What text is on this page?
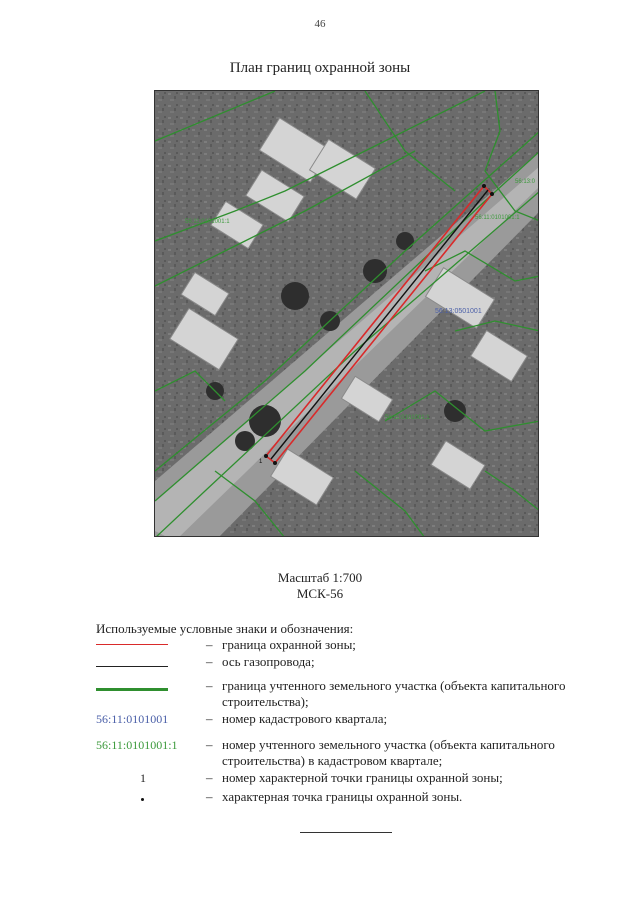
46
План границ охранной зоны
56:13:0501001
56:11:0101001:1
56:11:0101001:1
56:11:0101001:1
56:13:0
1
Масштаб 1:700
МСК-56
Используемые условные знаки и обозначения:
– граница охранной зоны;
– ось газопровода;
– граница учтенного земельного участка (объекта капитального строительства);
56:11:0101001	– номер кадастрового квартала;
56:11:0101001:1	– номер учтенного земельного участка (объекта капитального строительства) в кадастровом квартале;
1	– номер характерной точки границы охранной зоны;
– характерная точка границы охранной зоны.
